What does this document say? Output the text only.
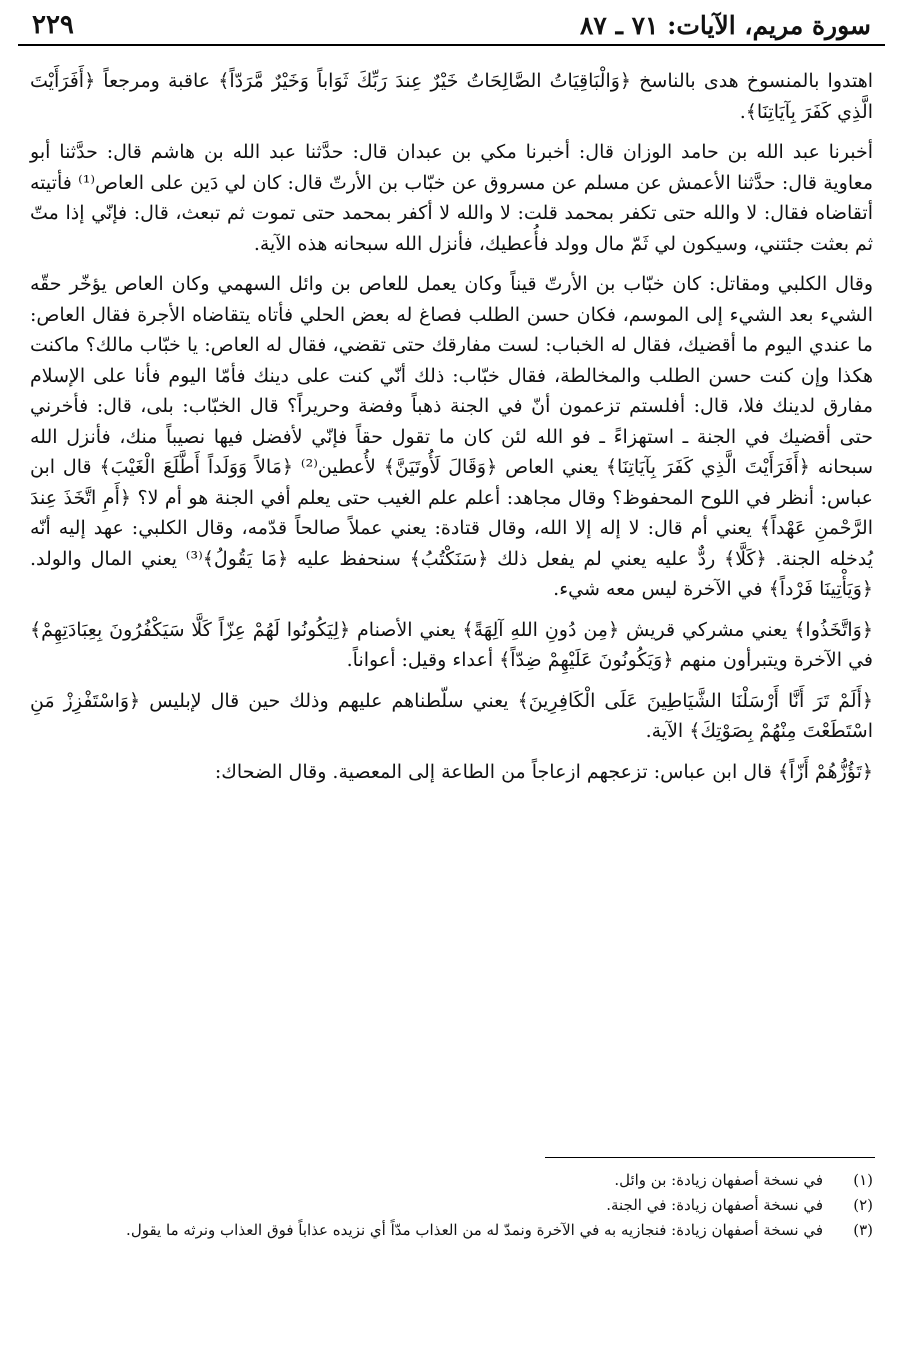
سورة مريم، الآيات: ٧١ ـ ٨٧
٢٢٩

اهتدوا بالمنسوخ هدى بالناسخ ﴿وَالْبَاقِيَاتُ الصَّالِحَاتُ خَيْرٌ عِندَ رَبِّكَ ثَوَاباً وَخَيْرٌ مَّرَدّاً﴾ عاقبة ومرجعاً ﴿أَفَرَأَيْتَ الَّذِي كَفَرَ بِآيَاتِنَا﴾.

أخبرنا عبد الله بن حامد الوزان قال: أخبرنا مكي بن عبدان قال: حدَّثنا عبد الله بن هاشم قال: حدَّثنا أبو معاوية قال: حدَّثنا الأعمش عن مسلم عن مسروق عن خبّاب بن الأرتّ قال: كان لي دَين على العاص⁽¹⁾ فأتيته أتقاضاه فقال: لا والله حتى تكفر بمحمد قلت: لا والله لا أكفر بمحمد حتى تموت ثم تبعث، قال: فإنّي إذا متّ ثم بعثت جئتني، وسيكون لي ثَمّ مال وولد فأُعطيك، فأنزل الله سبحانه هذه الآية.

وقال الكلبي ومقاتل: كان خبّاب بن الأرتّ قيناً وكان يعمل للعاص بن وائل السهمي وكان العاص يؤخّر حقّه الشيء بعد الشيء إلى الموسم، فكان حسن الطلب فصاغ له بعض الحلي فأتاه يتقاضاه الأجرة فقال العاص: ما عندي اليوم ما أقضيك، فقال له الخباب: لست مفارقك حتى تقضي، فقال له العاص: يا خبّاب مالك؟ ماكنت هكذا وإن كنت حسن الطلب والمخالطة، فقال خبّاب: ذلك أنّي كنت على دينك فأمّا اليوم فأنا على الإسلام مفارق لدينك فلا، قال: أفلستم تزعمون أنّ في الجنة ذهباً وفضة وحريراً؟ قال الخبّاب: بلى، قال: فأخرني حتى أقضيك في الجنة ـ استهزاءً ـ فو الله لئن كان ما تقول حقاً فإنّي لأفضل فيها نصيباً منك، فأنزل الله سبحانه ﴿أَفَرَأَيْتَ الَّذِي كَفَرَ بِآيَاتِنَا﴾ يعني العاص ﴿وَقَالَ لَأُوتَيَنَّ﴾ لأُعطين⁽²⁾ ﴿مَالاً وَوَلَداً أَطَّلَعَ الْغَيْبَ﴾ قال ابن عباس: أنظر في اللوح المحفوظ؟ وقال مجاهد: أعلم علم الغيب حتى يعلم أفي الجنة هو أم لا؟ ﴿أَمِ اتَّخَذَ عِندَ الرَّحْمنِ عَهْداً﴾ يعني أم قال: لا إله إلا الله، وقال قتادة: يعني عملاً صالحاً قدّمه، وقال الكلبي: عهد إليه أنّه يُدخله الجنة. ﴿كَلَّا﴾ ردٌّ عليه يعني لم يفعل ذلك ﴿سَنَكْتُبُ﴾ سنحفظ عليه ﴿مَا يَقُولُ﴾⁽³⁾ يعني المال والولد. ﴿وَيَأْتِينَا فَرْداً﴾ في الآخرة ليس معه شيء.

﴿وَاتَّخَذُوا﴾ يعني مشركي قريش ﴿مِن دُونِ اللهِ آلِهَةً﴾ يعني الأصنام ﴿لِيَكُونُوا لَهُمْ عِزّاً كَلَّا سَيَكْفُرُونَ بِعِبَادَتِهِمْ﴾ في الآخرة ويتبرأون منهم ﴿وَيَكُونُونَ عَلَيْهِمْ ضِدّاً﴾ أعداء وقيل: أعواناً.

﴿أَلَمْ تَرَ أَنَّا أَرْسَلْنَا الشَّيَاطِينَ عَلَى الْكَافِرِينَ﴾ يعني سلّطناهم عليهم وذلك حين قال لإبليس ﴿وَاسْتَفْزِزْ مَنِ اسْتَطَعْتَ مِنْهُمْ بِصَوْتِكَ﴾ الآية.

﴿تَؤُزُّهُمْ أَزّاً﴾ قال ابن عباس: تزعجهم ازعاجاً من الطاعة إلى المعصية. وقال الضحاك:

(١)
في نسخة أصفهان زيادة: بن وائل.
(٢)
في نسخة أصفهان زيادة: في الجنة.
(٣)
في نسخة أصفهان زيادة: فنجازيه به في الآخرة ونمدّ له من العذاب مدّاً أي نزيده عذاباً فوق العذاب ونرثه ما يقول.
